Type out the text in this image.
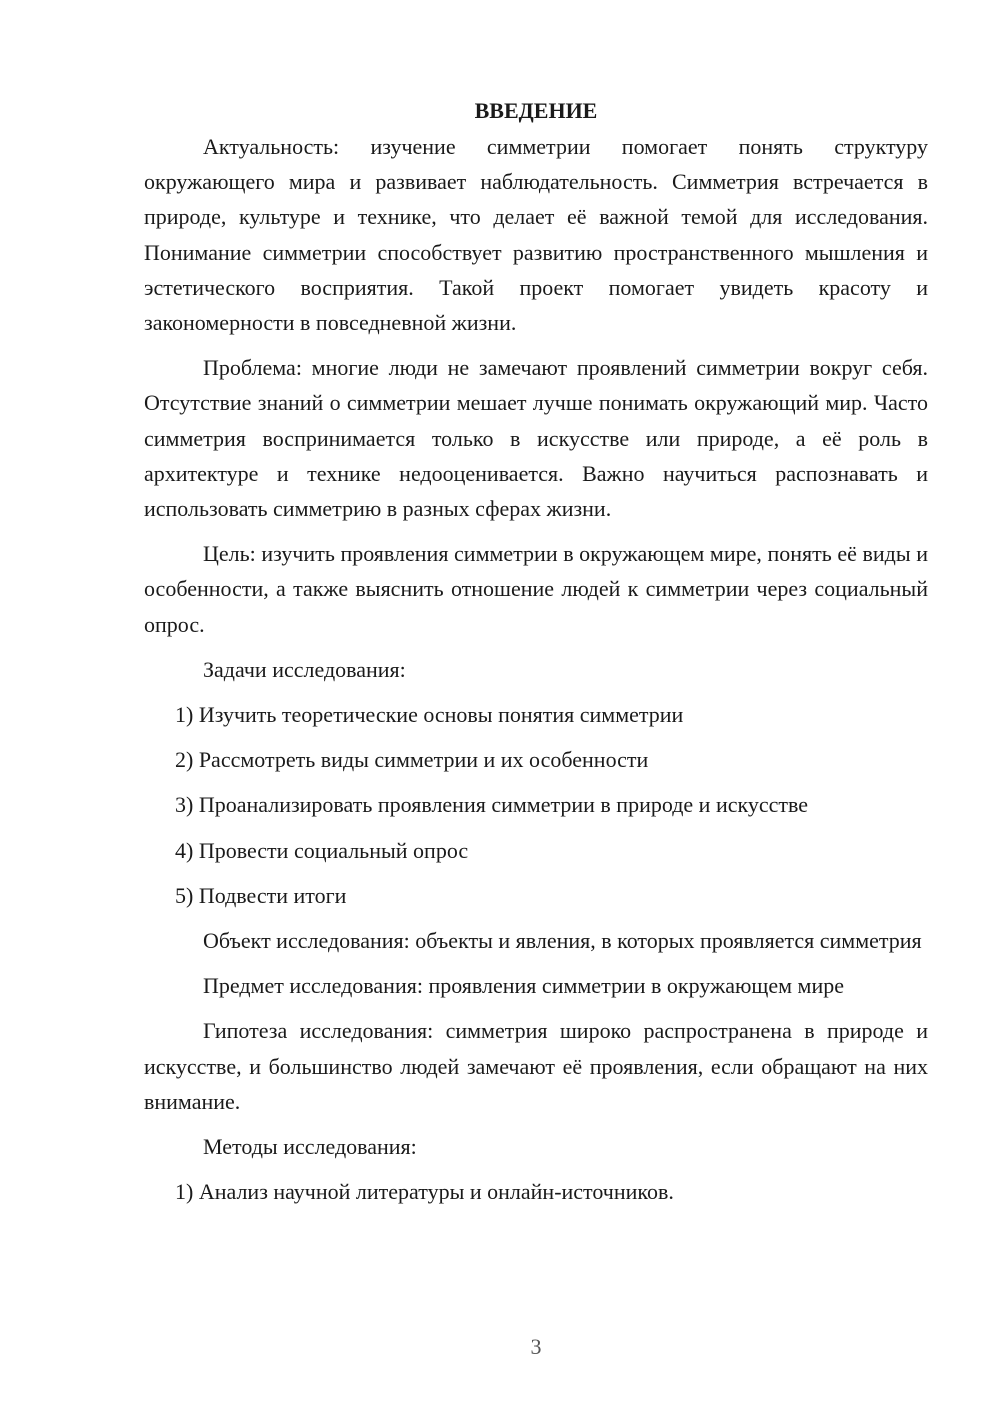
ВВЕДЕНИЕ

Актуальность: изучение симметрии помогает понять структуру окружающего мира и развивает наблюдательность. Симметрия встречается в природе, культуре и технике, что делает её важной темой для исследования. Понимание симметрии способствует развитию пространственного мышления и эстетического восприятия. Такой проект помогает увидеть красоту и закономерности в повседневной жизни.

Проблема: многие люди не замечают проявлений симметрии вокруг себя. Отсутствие знаний о симметрии мешает лучше понимать окружающий мир. Часто симметрия воспринимается только в искусстве или природе, а её роль в архитектуре и технике недооценивается. Важно научиться распознавать и использовать симметрию в разных сферах жизни.

Цель: изучить проявления симметрии в окружающем мире, понять её виды и особенности, а также выяснить отношение людей к симметрии через социальный опрос.

Задачи исследования:

1) Изучить теоретические основы понятия симметрии

2) Рассмотреть виды симметрии и их особенности

3) Проанализировать проявления симметрии в природе и искусстве

4) Провести социальный опрос

5) Подвести итоги

Объект исследования: объекты и явления, в которых проявляется симметрия

Предмет исследования: проявления симметрии в окружающем мире

Гипотеза исследования: симметрия широко распространена в природе и искусстве, и большинство людей замечают её проявления, если обращают на них внимание.

Методы исследования:

1) Анализ научной литературы и онлайн-источников.

3
